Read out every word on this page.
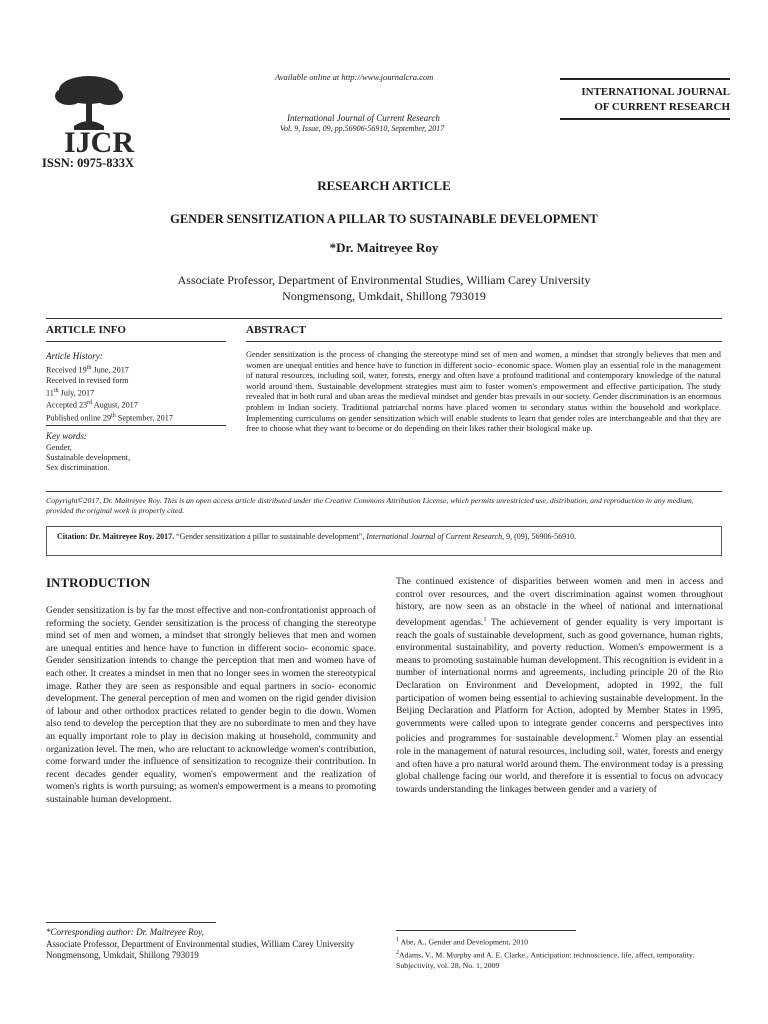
IJCR
ISSN: 0975-833X
Available online at http://www.journalcra.com
International Journal of Current Research
Vol. 9, Issue, 09, pp.56906-56910, September, 2017
INTERNATIONAL JOURNAL
OF CURRENT RESEARCH
RESEARCH ARTICLE
GENDER SENSITIZATION A PILLAR TO SUSTAINABLE DEVELOPMENT
*Dr. Maitreyee Roy
Associate Professor, Department of Environmental Studies, William Carey University
Nongmensong, Umkdait, Shillong 793019
ARTICLE INFO	ABSTRACT
Article History:
Received 19th June, 2017
Received in revised form
11th July, 2017
Accepted 23rd August, 2017
Published online 29th September, 2017
Key words:
Gender,
Sustainable development,
Sex discrimination.
Gender sensitization is the process of changing the stereotype mind set of men and women, a mindset that strongly believes that men and women are unequal entities and hence have to function in different socio- economic space. Women play an essential role in the management of natural resources, including soil, water, forests, energy and often have a profound traditional and contemporary knowledge of the natural world around them. Sustainable development strategies must aim to foster women's empowerment and effective participation. The study revealed that in both rural and uban areas the medieval mindset and gender bias prevails in our society. Gender discrimination is an enormous problem in Indian society. Traditional patriarchal norms have placed women to secondary status within the household and workplace. Implementing curriculums on gender sensitization which will enable students to learn that gender roles are interchangeable and that they are free to choose what they want to become or do depending on their likes rather their biological make up.
Copyright©2017, Dr. Maitreyee Roy. This is an open access article distributed under the Creative Commons Attribution License, which permits unrestricted use, distribution, and reproduction in any medium, provided the original work is properly cited.
Citation: Dr. Maitreyee Roy. 2017. “Gender sensitization a pillar to sustainable development”, International Journal of Current Research, 9, (09), 56906-56910.
INTRODUCTION
Gender sensitization is by far the most effective and non-confrontationist approach of reforming the society. Gender sensitization is the process of changing the stereotype mind set of men and women, a mindset that strongly believes that men and women are unequal entities and hence have to function in different socio- economic space. Gender sensitization intends to change the perception that men and women have of each other. It creates a mindset in men that no longer sees in women the stereotypical image. Rather they are seen as responsible and equal partners in socio- economic development. The general perception of men and women on the rigid gender division of labour and other orthodox practices related to gender begin to die down. Women also tend to develop the perception that they are no subordinate to men and they have an equally important role to play in decision making at household, community and organization level. The men, who are reluctant to acknowledge women's contribution, come forward under the influence of sensitization to recognize their contribution. In recent decades gender equality, women's empowerment and the realization of women's rights is worth pursuing; as women's empowerment is a means to promoting sustainable human development.
The continued existence of disparities between women and men in access and control over resources, and the overt discrimination against women throughout history, are now seen as an obstacle in the wheel of national and international development agendas.$^1$ The achievement of gender equality is very important is reach the goals of sustainable development, such as good governance, human rights, environmental sustainability, and poverty reduction. Women's empowerment is a means to promoting sustainable human development. This recognition is evident in a number of international norms and agreements, including principle 20 of the Rio Declaration on Environment and Development, adopted in 1992, the full participation of women being essential to achieving sustainable development. In the Beijing Declaration and Platform for Action, adopted by Member States in 1995, governments were called upon to integrate gender concerns and perspectives into policies and programmes for sustainable development.$^2$ Women play an essential role in the management of natural resources, including soil, water, forests and energy and often have a pro natural world around them. The environment today is a pressing global challenge facing our world, and therefore it is essential to focus on advocacy towards understanding the linkages between gender and a variety of
*Corresponding author: Dr. Maitreyee Roy,
Associate Professor, Department of Environmental studies, William Carey University Nongmensong, Umkdait, Shillong 793019
$^1$ Abe, A., Gender and Development, 2010
$^2$Adams, V., M. Murphy and A. E. Clarke., Anticipation: technoscience, life, affect, temporality. Subjectivity, vol. 28, No. 1, 2009
